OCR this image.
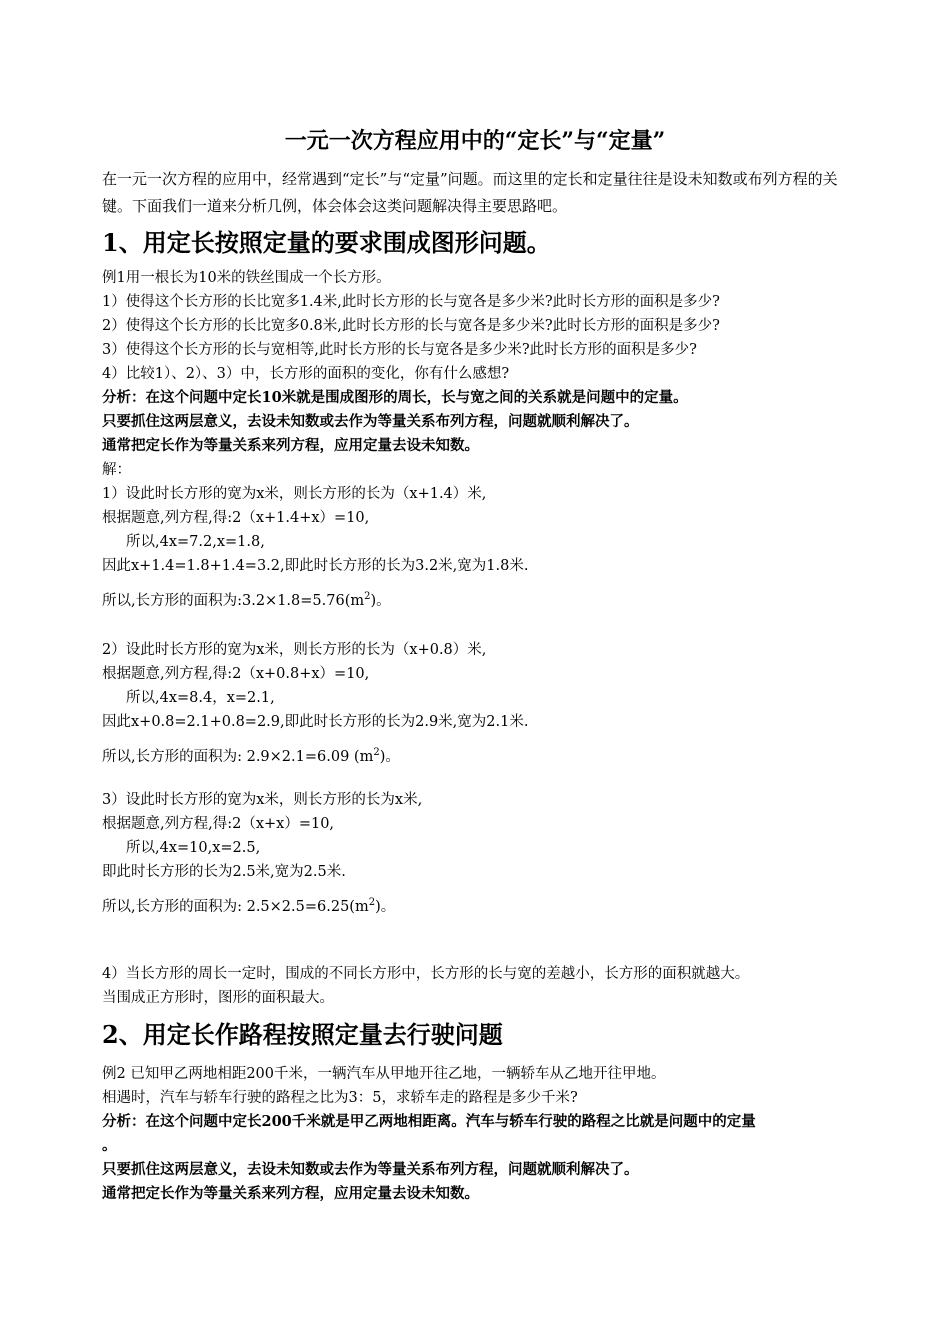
一元一次方程应用中的“定长”与“定量”

在一元一次方程的应用中，经常遇到“定长”与“定量”问题。而这里的定长和定量往往是设未知数或布列方程的关键。下面我们一道来分析几例，体会体会这类问题解决得主要思路吧。

1、用定长按照定量的要求围成图形问题。
例1用一根长为10米的铁丝围成一个长方形。
1）使得这个长方形的长比宽多1.4米,此时长方形的长与宽各是多少米?此时长方形的面积是多少?
2）使得这个长方形的长比宽多0.8米,此时长方形的长与宽各是多少米?此时长方形的面积是多少?
3）使得这个长方形的长与宽相等,此时长方形的长与宽各是多少米?此时长方形的面积是多少?
4）比较1）、2）、3）中，长方形的面积的变化，你有什么感想?
分析：在这个问题中定长10米就是围成图形的周长，长与宽之间的关系就是问题中的定量。
只要抓住这两层意义，去设未知数或去作为等量关系布列方程，问题就顺利解决了。
通常把定长作为等量关系来列方程，应用定量去设未知数。
解：
1）设此时长方形的宽为x米，则长方形的长为（x+1.4）米,
根据题意,列方程,得:2（x+1.4+x）=10,
所以,4x=7.2,x=1.8,
因此x+1.4=1.8+1.4=3.2,即此时长方形的长为3.2米,宽为1.8米.
所以,长方形的面积为$:3.2\times 1.8=5.76(m^2)$。
2）设此时长方形的宽为x米，则长方形的长为（x+0.8）米,
根据题意,列方程,得:2（x+0.8+x）=10,
所以,4x=8.4，x=2.1,
因此x+0.8=2.1+0.8=2.9,即此时长方形的长为2.9米,宽为2.1米.
所以,长方形的面积为: 2.9×2.1=6.09 $(m^2)$。
3）设此时长方形的宽为x米，则长方形的长为x米,
根据题意,列方程,得:2（x+x）=10,
所以,4x=10,x=2.5,
即此时长方形的长为2.5米,宽为2.5米.
所以,长方形的面积为: $2.5\times 2.5=6.25(m^2)$。
4）当长方形的周长一定时，围成的不同长方形中，长方形的长与宽的差越小，长方形的面积就越大。
当围成正方形时，图形的面积最大。
2、用定长作路程按照定量去行驶问题
例2 已知甲乙两地相距200千米，一辆汽车从甲地开往乙地，一辆轿车从乙地开往甲地。
相遇时，汽车与轿车行驶的路程之比为3：5，求轿车走的路程是多少千米?
分析：在这个问题中定长200千米就是甲乙两地相距离。汽车与轿车行驶的路程之比就是问题中的定量
。
只要抓住这两层意义，去设未知数或去作为等量关系布列方程，问题就顺利解决了。
通常把定长作为等量关系来列方程，应用定量去设未知数。
